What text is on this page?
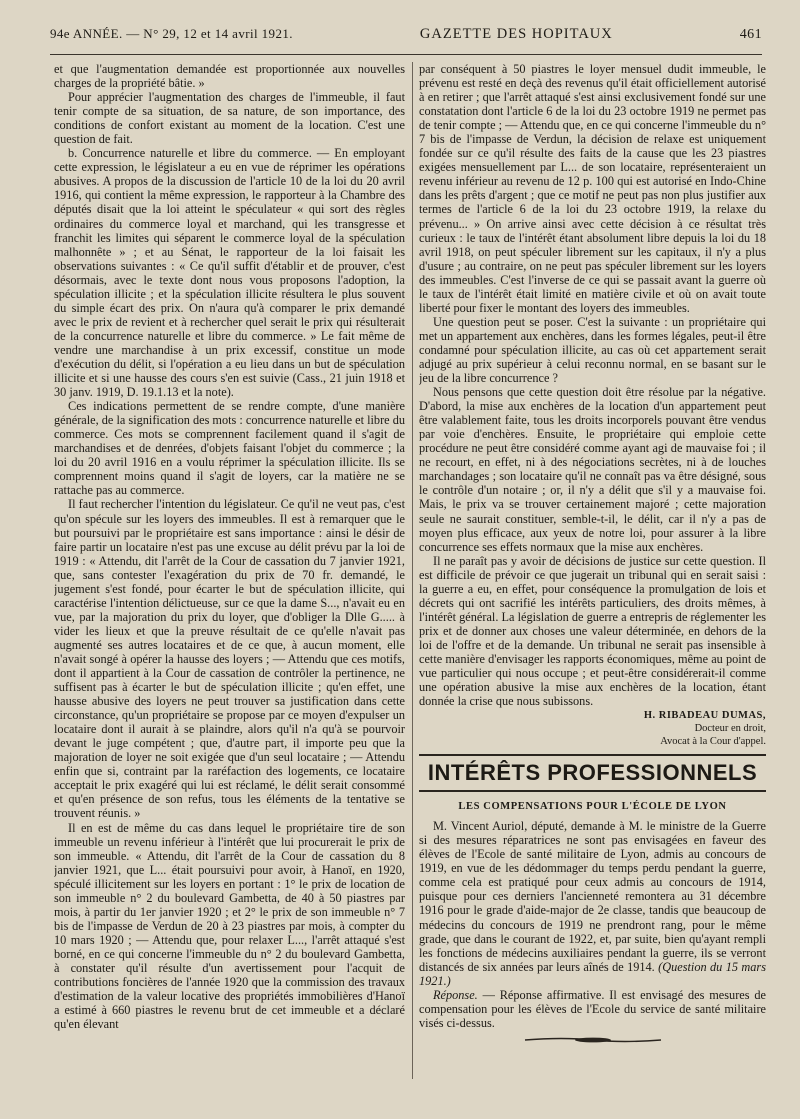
94e ANNÉE. — N° 29, 12 et 14 avril 1921.	GAZETTE DES HOPITAUX	461

et que l'augmentation demandée est proportionnée aux nouvelles charges de la propriété bâtie. »

Pour apprécier l'augmentation des charges de l'immeuble, il faut tenir compte de sa situation, de sa nature, de son importance, des conditions de confort existant au moment de la location. C'est une question de fait.

b. Concurrence naturelle et libre du commerce. — En employant cette expression, le législateur a eu en vue de réprimer les opérations abusives. A propos de la discussion de l'article 10 de la loi du 20 avril 1916, qui contient la même expression, le rapporteur à la Chambre des députés disait que la loi atteint le spéculateur « qui sort des règles ordinaires du commerce loyal et marchand, qui les transgresse et franchit les limites qui séparent le commerce loyal de la spéculation malhonnête » ; et au Sénat, le rapporteur de la loi faisait les observations suivantes : « Ce qu'il suffit d'établir et de prouver, c'est désormais, avec le texte dont nous vous proposons l'adoption, la spéculation illicite ; et la spéculation illicite résultera le plus souvent du simple écart des prix. On n'aura qu'à comparer le prix demandé avec le prix de revient et à rechercher quel serait le prix qui résulterait de la concurrence naturelle et libre du commerce. » Le fait même de vendre une marchandise à un prix excessif, constitue un mode d'exécution du délit, si l'opération a eu lieu dans un but de spéculation illicite et si une hausse des cours s'en est suivie (Cass., 21 juin 1918 et 30 janv. 1919, D. 19.1.13 et la note).

Ces indications permettent de se rendre compte, d'une manière générale, de la signification des mots : concurrence naturelle et libre du commerce. Ces mots se comprennent facilement quand il s'agit de marchandises et de denrées, d'objets faisant l'objet du commerce ; la loi du 20 avril 1916 en a voulu réprimer la spéculation illicite. Ils se comprennent moins quand il s'agit de loyers, car la matière ne se rattache pas au commerce.

Il faut rechercher l'intention du législateur. Ce qu'il ne veut pas, c'est qu'on spécule sur les loyers des immeubles. Il est à remarquer que le but poursuivi par le propriétaire est sans importance : ainsi le désir de faire partir un locataire n'est pas une excuse au délit prévu par la loi de 1919 : « Attendu, dit l'arrêt de la Cour de cassation du 7 janvier 1921, que, sans contester l'exagération du prix de 70 fr. demandé, le jugement s'est fondé, pour écarter le but de spéculation illicite, qui caractérise l'intention délictueuse, sur ce que la dame S..., n'avait eu en vue, par la majoration du prix du loyer, que d'obliger la Dlle G..... à vider les lieux et que la preuve résultait de ce qu'elle n'avait pas augmenté ses autres locataires et de ce que, à aucun moment, elle n'avait songé à opérer la hausse des loyers ; — Attendu que ces motifs, dont il appartient à la Cour de cassation de contrôler la pertinence, ne suffisent pas à écarter le but de spéculation illicite ; qu'en effet, une hausse abusive des loyers ne peut trouver sa justification dans cette circonstance, qu'un propriétaire se propose par ce moyen d'expulser un locataire dont il aurait à se plaindre, alors qu'il n'a qu'à se pourvoir devant le juge compétent ; que, d'autre part, il importe peu que la majoration de loyer ne soit exigée que d'un seul locataire ; — Attendu enfin que si, contraint par la raréfaction des logements, ce locataire acceptait le prix exagéré qui lui est réclamé, le délit serait consommé et qu'en présence de son refus, tous les éléments de la tentative se trouvent réunis. »

Il en est de même du cas dans lequel le propriétaire tire de son immeuble un revenu inférieur à l'intérêt que lui procurerait le prix de son immeuble. « Attendu, dit l'arrêt de la Cour de cassation du 8 janvier 1921, que L... était poursuivi pour avoir, à Hanoï, en 1920, spéculé illicitement sur les loyers en portant : 1° le prix de location de son immeuble n° 2 du boulevard Gambetta, de 40 à 50 piastres par mois, à partir du 1er janvier 1920 ; et 2° le prix de son immeuble n° 7 bis de l'impasse de Verdun de 20 à 23 piastres par mois, à compter du 10 mars 1920 ; — Attendu que, pour relaxer L..., l'arrêt attaqué s'est borné, en ce qui concerne l'immeuble du n° 2 du boulevard Gambetta, à constater qu'il résulte d'un avertissement pour l'acquit de contributions foncières de l'année 1920 que la commission des travaux d'estimation de la valeur locative des propriétés immobilières d'Hanoï a estimé à 660 piastres le revenu brut de cet immeuble et a déclaré qu'en élevant

par conséquent à 50 piastres le loyer mensuel dudit immeuble, le prévenu est resté en deçà des revenus qu'il était officiellement autorisé à en retirer ; que l'arrêt attaqué s'est ainsi exclusivement fondé sur une constatation dont l'article 6 de la loi du 23 octobre 1919 ne permet pas de tenir compte ; — Attendu que, en ce qui concerne l'immeuble du n° 7 bis de l'impasse de Verdun, la décision de relaxe est uniquement fondée sur ce qu'il résulte des faits de la cause que les 23 piastres exigées mensuellement par L... de son locataire, représenteraient un revenu inférieur au revenu de 12 p. 100 qui est autorisé en Indo-Chine dans les prêts d'argent ; que ce motif ne peut pas non plus justifier aux termes de l'article 6 de la loi du 23 octobre 1919, la relaxe du prévenu... » On arrive ainsi avec cette décision à ce résultat très curieux : le taux de l'intérêt étant absolument libre depuis la loi du 18 avril 1918, on peut spéculer librement sur les capitaux, il n'y a plus d'usure ; au contraire, on ne peut pas spéculer librement sur les loyers des immeubles. C'est l'inverse de ce qui se passait avant la guerre où le taux de l'intérêt était limité en matière civile et où on avait toute liberté pour fixer le montant des loyers des immeubles.

Une question peut se poser. C'est la suivante : un propriétaire qui met un appartement aux enchères, dans les formes légales, peut-il être condamné pour spéculation illicite, au cas où cet appartement serait adjugé au prix supérieur à celui reconnu normal, en se basant sur le jeu de la libre concurrence ?

Nous pensons que cette question doit être résolue par la négative. D'abord, la mise aux enchères de la location d'un appartement peut être valablement faite, tous les droits incorporels pouvant être vendus par voie d'enchères. Ensuite, le propriétaire qui emploie cette procédure ne peut être considéré comme ayant agi de mauvaise foi ; il ne recourt, en effet, ni à des négociations secrètes, ni à de louches marchandages ; son locataire qu'il ne connaît pas va être désigné, sous le contrôle d'un notaire ; or, il n'y a délit que s'il y a mauvaise foi. Mais, le prix va se trouver certainement majoré ; cette majoration seule ne saurait constituer, semble-t-il, le délit, car il n'y a pas de moyen plus efficace, aux yeux de notre loi, pour assurer à la libre concurrence ses effets normaux que la mise aux enchères.

Il ne paraît pas y avoir de décisions de justice sur cette question. Il est difficile de prévoir ce que jugerait un tribunal qui en serait saisi : la guerre a eu, en effet, pour conséquence la promulgation de lois et décrets qui ont sacrifié les intérêts particuliers, des droits mêmes, à l'intérêt général. La législation de guerre a entrepris de réglementer les prix et de donner aux choses une valeur déterminée, en dehors de la loi de l'offre et de la demande. Un tribunal ne serait pas insensible à cette manière d'envisager les rapports économiques, même au point de vue particulier qui nous occupe ; et peut-être considérerait-il comme une opération abusive la mise aux enchères de la location, étant donnée la crise que nous subissons.

H. RIBADEAU DUMAS,
Docteur en droit,
Avocat à la Cour d'appel.
INTÉRÊTS PROFESSIONNELS
LES COMPENSATIONS POUR L'ÉCOLE DE LYON

M. Vincent Auriol, député, demande à M. le ministre de la Guerre si des mesures réparatrices ne sont pas envisagées en faveur des élèves de l'Ecole de santé militaire de Lyon, admis au concours de 1919, en vue de les dédommager du temps perdu pendant la guerre, comme cela est pratiqué pour ceux admis au concours de 1914, puisque pour ces derniers l'ancienneté remontera au 31 décembre 1916 pour le grade d'aide-major de 2e classe, tandis que beaucoup de médecins du concours de 1919 ne prendront rang, pour le même grade, que dans le courant de 1922, et, par suite, bien qu'ayant rempli les fonctions de médecins auxiliaires pendant la guerre, ils se verront distancés de six années par leurs aînés de 1914. (Question du 15 mars 1921.)

Réponse. — Réponse affirmative. Il est envisagé des mesures de compensation pour les élèves de l'Ecole du service de santé militaire visés ci-dessus.
